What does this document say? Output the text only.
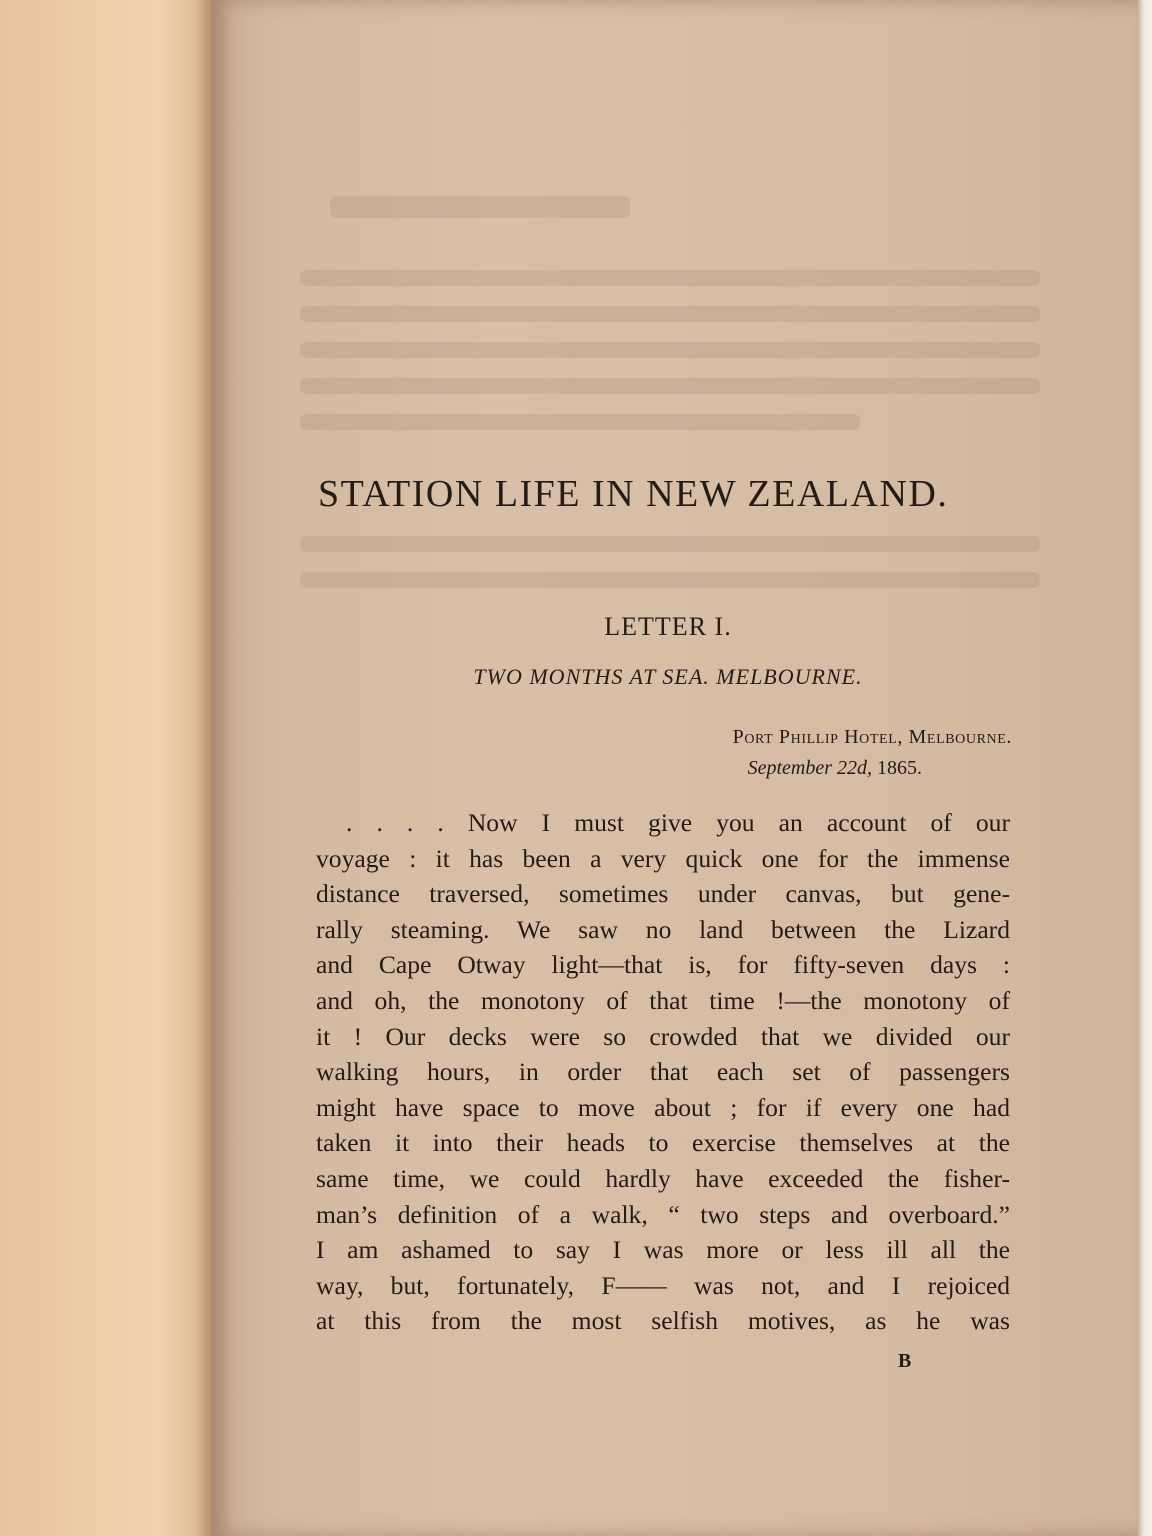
STATION LIFE IN NEW ZEALAND.
LETTER I.

TWO MONTHS AT SEA. MELBOURNE.

Port Phillip Hotel, Melbourne.

September 22d, 1865.

. . . . Now I must give you an account of our
voyage : it has been a very quick one for the immense
distance traversed, sometimes under canvas, but gene-
rally steaming. We saw no land between the Lizard
and Cape Otway light—that is, for fifty-seven days :
and oh, the monotony of that time !—the monotony of
it ! Our decks were so crowded that we divided our
walking hours, in order that each set of passengers
might have space to move about ; for if every one had
taken it into their heads to exercise themselves at the
same time, we could hardly have exceeded the fisher-
man’s definition of a walk, “ two steps and overboard.”
I am ashamed to say I was more or less ill all the
way, but, fortunately, F—— was not, and I rejoiced
at this from the most selfish motives, as he was

B
